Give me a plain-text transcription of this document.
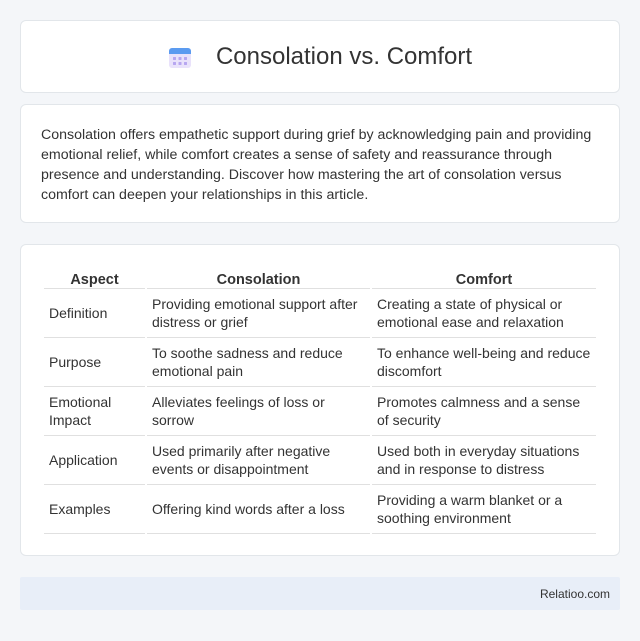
Consolation vs. Comfort

Consolation offers empathetic support during grief by acknowledging pain and providing emotional relief, while comfort creates a sense of safety and reassurance through presence and understanding. Discover how mastering the art of consolation versus comfort can deepen your relationships in this article.

Aspect	Consolation	Comfort
Definition	Providing emotional support after distress or grief	Creating a state of physical or emotional ease and relaxation
Purpose	To soothe sadness and reduce emotional pain	To enhance well-being and reduce discomfort
Emotional Impact	Alleviates feelings of loss or sorrow	Promotes calmness and a sense of security
Application	Used primarily after negative events or disappointment	Used both in everyday situations and in response to distress
Examples	Offering kind words after a loss	Providing a warm blanket or a soothing environment
Relatioo.com
